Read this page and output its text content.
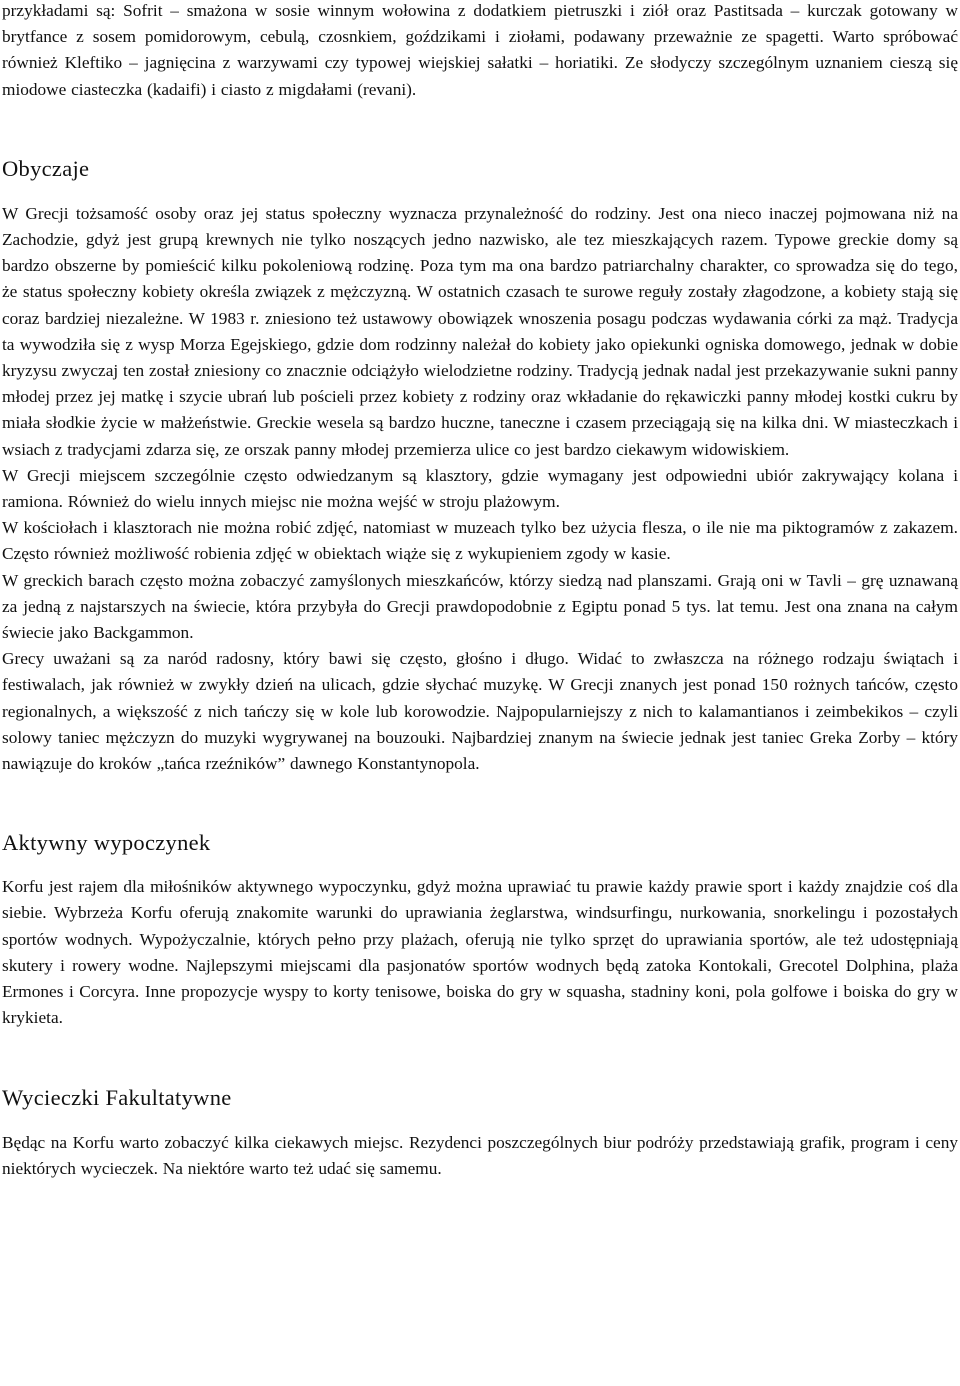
przykładami są: Sofrit – smażona w sosie winnym wołowina z dodatkiem pietruszki i ziół oraz Pastitsada – kurczak gotowany w brytfance z sosem pomidorowym, cebulą, czosnkiem, goździkami i ziołami, podawany przeważnie ze spagetti. Warto spróbować również Kleftiko – jagnięcina z warzywami czy typowej wiejskiej sałatki – horiatiki. Ze słodyczy szczególnym uznaniem cieszą się miodowe ciasteczka (kadaifi) i ciasto z migdałami (revani).

Obyczaje

W Grecji tożsamość osoby oraz jej status społeczny wyznacza przynależność do rodziny. Jest ona nieco inaczej pojmowana niż na Zachodzie, gdyż jest grupą krewnych nie tylko noszących jedno nazwisko, ale tez mieszkających razem. Typowe greckie domy są bardzo obszerne by pomieścić kilku pokoleniową rodzinę. Poza tym ma ona bardzo patriarchalny charakter, co sprowadza się do tego, że status społeczny kobiety określa związek z mężczyzną. W ostatnich czasach te surowe reguły zostały złagodzone, a kobiety stają się coraz bardziej niezależne. W 1983 r. zniesiono też ustawowy obowiązek wnoszenia posagu podczas wydawania córki za mąż. Tradycja ta wywodziła się z wysp Morza Egejskiego, gdzie dom rodzinny należał do kobiety jako opiekunki ogniska domowego, jednak w dobie kryzysu zwyczaj ten został zniesiony co znacznie odciążyło wielodzietne rodziny. Tradycją jednak nadal jest przekazywanie sukni panny młodej przez jej matkę i szycie ubrań lub pościeli przez kobiety z rodziny oraz wkładanie do rękawiczki panny młodej kostki cukru by miała słodkie życie w małżeństwie. Greckie wesela są bardzo huczne, taneczne i czasem przeciągają się na kilka dni. W miasteczkach i wsiach z tradycjami zdarza się, ze orszak panny młodej przemierza ulice co jest bardzo ciekawym widowiskiem.

W Grecji miejscem szczególnie często odwiedzanym są klasztory, gdzie wymagany jest odpowiedni ubiór zakrywający kolana i ramiona. Również do wielu innych miejsc nie można wejść w stroju plażowym.

W kościołach i klasztorach nie można robić zdjęć, natomiast w muzeach tylko bez użycia flesza, o ile nie ma piktogramów z zakazem. Często również możliwość robienia zdjęć w obiektach wiąże się z wykupieniem zgody w kasie.

W greckich barach często można zobaczyć zamyślonych mieszkańców, którzy siedzą nad planszami. Grają oni w Tavli – grę uznawaną za jedną z najstarszych na świecie, która przybyła do Grecji prawdopodobnie z Egiptu ponad 5 tys. lat temu. Jest ona znana na całym świecie jako Backgammon.

Grecy uważani są za naród radosny, który bawi się często, głośno i długo. Widać to zwłaszcza na różnego rodzaju świątach i festiwalach, jak również w zwykły dzień na ulicach, gdzie słychać muzykę. W Grecji znanych jest ponad 150 rożnych tańców, często regionalnych, a większość z nich tańczy się w kole lub korowodzie. Najpopularniejszy z nich to kalamantianos i zeimbekikos – czyli solowy taniec mężczyzn do muzyki wygrywanej na bouzouki. Najbardziej znanym na świecie jednak jest taniec Greka Zorby – który nawiązuje do kroków „tańca rzeźników” dawnego Konstantynopola.

Aktywny wypoczynek

Korfu jest rajem dla miłośników aktywnego wypoczynku, gdyż można uprawiać tu prawie każdy prawie sport i każdy znajdzie coś dla siebie. Wybrzeża Korfu oferują znakomite warunki do uprawiania żeglarstwa, windsurfingu, nurkowania, snorkelingu i pozostałych sportów wodnych. Wypożyczalnie, których pełno przy plażach, oferują nie tylko sprzęt do uprawiania sportów, ale też udostępniają skutery i rowery wodne. Najlepszymi miejscami dla pasjonatów sportów wodnych będą zatoka Kontokali, Grecotel Dolphina, plaża Ermones i Corcyra. Inne propozycje wyspy to korty tenisowe, boiska do gry w squasha, stadniny koni, pola golfowe i boiska do gry w krykieta.

Wycieczki Fakultatywne

Będąc na Korfu warto zobaczyć kilka ciekawych miejsc. Rezydenci poszczególnych biur podróży przedstawiają grafik, program i ceny niektórych wycieczek. Na niektóre warto też udać się samemu.
